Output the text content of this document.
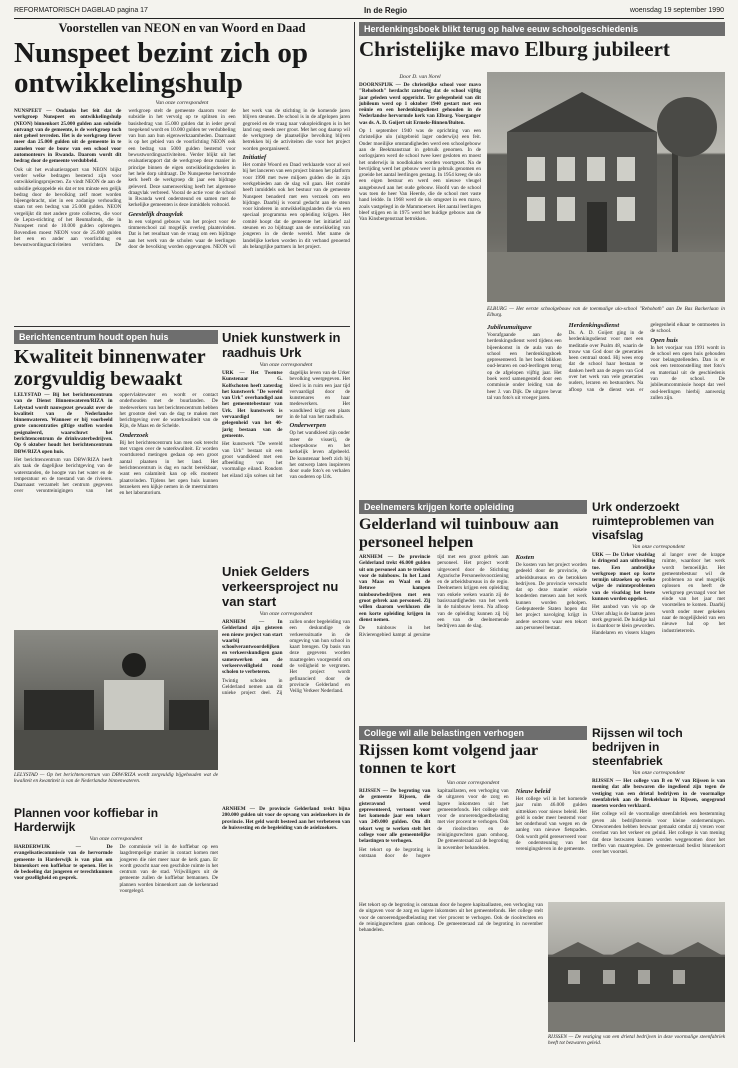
REFORMATORISCH DAGBLAD pagina 17	In de Regio	woensdag 19 september 1990
Voorstellen van NEON en van Woord en Daad
Nunspeet bezint zich op ontwikkelingshulp
Van onze correspondent

NUNSPEET — Ondanks het feit dat de werkgroep Nunspeet en ontwikkelingshulp (NEON) binnenkort 25.000 gulden aan subsidie ontvangt van de gemeente, is de werkgroep toch niet geheel tevreden. Het is de werkgroep liever meer dan 25.000 gulden uit de gemeente in te zamelen voor de bouw van een school voor automonteurs in Rwanda. Daarom wordt dit bedrag door de gemeente verdubbeld.

Ook uit het evaluatierapport van NEON blijkt verder welke bedragen bestemd zijn voor ontwikkelingsprojecten. Zo vindt NEON de aan de subsidie gekoppelde eis dat er ten minste een gelijk bedrag door de bevolking zelf moet worden bijeengebracht, niet in een zodanige verhouding staan tot een bedrag van 25.000 gulden. NEON vergelijkt dit met andere grote collectes, die voor de Lepra-stichting of het Reumafonds, die in Nunspeet rond de 10.000 gulden opbrengen. Bovendien moest NEON voor de 25.000 gulden het een en ander aan voorlichting en bewustwordingsactiviteiten verrichten. De werkgroep stelt de gemeente daarom voor de subsidie in het vervolg op te splitsen in een basisbedrag van 15.000 gulden dat in ieder geval toegekend wordt en 10.000 gulden ter verdubbeling van hun aan hun eigenwerkzaamheden. Daarnaast is op het gebied van de voorlichting NEON ook een bedrag van 5000 gulden bestemd voor bewustwordingsactiviteiten. Verder blijkt uit het evaluatierapport dat de werkgroep deze manier in principe binnen de eigen ontwikkelingsdoelen in het hele dorp uitdraagt. De Nunspeetse hervormde kerk heeft de werkgroep dit jaar een bijdrage geleverd. Deze samenwerking heeft het algemene draagvlak verbreed. Vooral de actie voor de school in Rwanda werd ondersteund en samen met de kerkelijke gemeenten is deze inmiddels voltooid.

Geestelijk draagvlak

In een volgend gebouw van het project voor de timmerschool zal mogelijk overleg plaatsvinden. Dat is het resultaat van de vraag om een bijdrage aan het werk van de scholen waar de leerlingen door de bevolking worden opgevangen. NEON wil het werk van de stichting in de komende jaren blijven steunen. De school is in de afgelopen jaren gegroeid en de vraag naar vakopleidingen is in het land nog steeds zeer groot. Met het oog daarop wil de werkgroep de plaatselijke bevolking blijven betrekken bij de activiteiten die voor het project worden georganiseerd.

Initiatief

Het comité Woord en Daad verklaarde voor al wel bij het lanceren van een project binnen het platform voor 1990 met twee miljoen gulden die in zijn werkgebieden aan de slag wil gaan. Het comité heeft inmiddels ook het bestuur van de gemeente Nunspeet benaderd met een verzoek om een bijdrage. Daarbij is vooral gedacht aan de steun voor kinderen in ontwikkelingslanden die via een speciaal programma een opleiding krijgen. Het comité hoopt dat de gemeente het initiatief zal steunen en zo bijdraagt aan de ontwikkeling van jongeren in de derde wereld. Met name de landelijke kerken worden in dit verband genoemd als belangrijke partners in het project.

Herdenkingsboek blikt terug op halve eeuw schoolgeschiedenis
Christelijke mavo Elburg jubileert
Door D. van Norel

DOORNSPIJK — De christelijke school voor mavo "Rehoboth" herdacht zaterdag dat de school vijftig jaar geleden werd opgericht. Ter gelegenheid van dit jubileum werd op 1 oktober 1940 gestart met een reünie en een herdenkingsdienst gehouden in de Nederlandse hervormde kerk van Elburg. Voorganger was ds. A. D. Goijert uit Ermelo-Binnen/Buiten.

Op 1 september 1940 was de oprichting van een christelijke ulo (uitgebreid lager onderwijs) een feit. Onder moeilijke omstandigheden werd een schoolgebouw aan de Beekmanstraat in gebruik genomen. In de oorlogsjaren werd de school twee keer gesloten en moest het onderwijs in noodlokalen worden voortgezet. Na de bevrijding werd het gebouw weer in gebruik genomen en groeide het aantal leerlingen gestaag. In 1954 kreeg de ulo een eigen bestuur en werd een nieuwe vleugel aangebouwd aan het oude gebouw. Hoofd van de school was toen de heer Van Heerde, die de school met vaste hand leidde. In 1968 werd de ulo omgezet in een mavo, zoals vastgelegd in de Mammoetwet. Het aantal leerlingen bleef stijgen en in 1975 werd het huidige gebouw aan de Van Kinsbergenstraat betrokken.

ELBURG — Het eerste schoolgebouw van de toenmalige ulo-school "Rehoboth" aan De Bas Backerlaan in Elburg.
Jubileumuitgave

Voorafgaande aan de herdenkingsdienst werd tijdens een bijeenkomst in de aula van de school een herdenkingsboek gepresenteerd. In het boek blikken oud-leraren en oud-leerlingen terug op de afgelopen vijftig jaar. Het boek werd samengesteld door een commissie onder leiding van de heer J. van Dijk. De uitgave bevat tal van foto's uit vroeger jaren.

Herdenkingsdienst

Ds. A. D. Goijert ging in de herdenkingsdienst voor met een meditatie over Psalm 48, waarin de trouw van God door de generaties heen centraal stond. Hij wees erop dat de school haar bestaan te danken heeft aan de zegen van God over het werk van vele generaties ouders, leraren en bestuurders. Na afloop van de dienst was er gelegenheid elkaar te ontmoeten in de school.

Open huis

In het voorjaar van 1991 wordt in de school een open huis gehouden voor belangstellenden. Dan is er ook een tentoonstelling met foto's en materiaal uit de geschiedenis van de school. De jubileumcommissie hoopt dat veel oud-leerlingen hierbij aanwezig zullen zijn.

Berichtencentrum houdt open huis
Kwaliteit binnenwater zorgvuldig bewaakt

LELYSTAD — Bij het berichtencentrum van de Dienst Binnenwateren/RIZA in Lelystad wordt nauwgezet gewaakt over de kwaliteit van de Nederlandse binnenwateren. Wanneer er bij voorbeeld grote concentraties giftige stoffen worden gesignaleerd, waarschuwt het berichtencentrum de drinkwaterbedrijven. Op 6 oktober houdt het berichtencentrum DBW/RIZA open huis.

Het berichtencentrum van DBW/RIZA heeft als taak de dagelijkse berichtgeving van de waterstanden, de hoogte van het water en de temperatuur en de toestand van de rivieren. Daarnaast verzamelt het centrum gegevens over verontreinigingen van het oppervlaktewater en wordt er contact onderhouden met de buurlanden. De medewerkers van het berichtencentrum hebben het grootste deel van de dag te maken met berichtgeving over de waterkwaliteit van de Rijn, de Maas en de Schelde.

Onderzoek

Bij het berichtencentrum kan men ook terecht met vragen over de waterkwaliteit. Er worden voortdurend metingen gedaan op een groot aantal plaatsen in het land. Het berichtencentrum is dag en nacht bereikbaar, want een calamiteit kan op elk moment plaatsvinden. Tijdens het open huis kunnen bezoekers een kijkje nemen in de meetruimten en het laboratorium.

LELYSTAD — Op het berichtencentrum van DBW/RIZA wordt zorgvuldig bijgehouden wat de kwaliteit en kwantiteit is van de Nederlandse binnenwateren.
Uniek kunstwerk in raadhuis Urk
Van onze correspondent

URK — Het Twentse Kunstenaar G. Kolfschoten heeft zaterdag het kunstwerk "De wereld van Urk" overhandigd aan het gemeentebestuur van Urk. Het kunstwerk is vervaardigd ter gelegenheid van het 40-jarig bestaan van de gemeente.

Het kunstwerk "De wereld van Urk" bestaat uit een groot wandkleed met een afbeelding van het voormalige eiland. Rondom het eiland zijn scènes uit het dagelijks leven van de Urker bevolking weergegeven. Het kleed is in ruim een jaar tijd vervaardigd door de kunstenares en haar medewerkers. Het wandkleed krijgt een plaats in de hal van het raadhuis.

Onderwerpen

Op het wandkleed zijn onder meer de visserij, de scheepsbouw en het kerkelijk leven afgebeeld. De kunstenaar heeft zich bij het ontwerp laten inspireren door oude foto's en verhalen van ouderen op Urk.

Uniek Gelders verkeersproject nu van start
Van onze correspondent

ARNHEM — In Gelderland zijn gisteren een nieuw project van start waarbij schoolverantwoordelijken en verkeerskundigen gaan samenwerken om de verkeersveiligheid rond scholen te verbeteren.

Twintig scholen in Gelderland nemen aan dit unieke project deel. Zij zullen onder begeleiding van een deskundige de verkeerssituatie in de omgeving van hun school in kaart brengen. Op basis van deze gegevens worden maatregelen voorgesteld om de veiligheid te vergroten. Het project wordt gefinancierd door de provincie Gelderland en Veilig Verkeer Nederland.

Deelnemers krijgen korte opleiding
Gelderland wil tuinbouw aan personeel helpen

ARNHEM — De provincie Gelderland trekt 46.000 gulden uit om personeel aan te trekken voor de tuinbouw. In het Land van Maas en Waal en de Betuwe kampen tuinbouwbedrijven met een groot gebrek aan personeel. Zij willen daarom werklozen die een korte opleiding krijgen in dienst nemen.

De tuinbouw in het Rivierengebied kampt al geruime tijd met een groot gebrek aan personeel. Het project wordt uitgevoerd door de Stichting Agrarische Personeelsvoorziening en de arbeidsbureaus in de regio. Deelnemers krijgen een opleiding van enkele weken waarin zij de basisvaardigheden van het werk in de tuinbouw leren. Na afloop van de opleiding kunnen zij bij een van de deelnemende bedrijven aan de slag.

Kosten

De kosten van het project worden gedeeld door de provincie, de arbeidsbureaus en de betrokken bedrijven. De provincie verwacht dat op deze manier enkele honderden mensen aan het werk kunnen worden geholpen. Gedeputeerde Staten hopen dat het project navolging krijgt in andere sectoren waar een tekort aan personeel bestaat.

Urk onderzoekt ruimteproblemen van visafslag
Van onze correspondent

URK — De Urker visafslag is dringend aan uitbreiding toe. Een ambtelijke werkgroep moet op korte termijn uitzoeken op welke wijze de ruimteproblemen van de visafslag het beste kunnen worden opgelost.

Het aanbod van vis op de Urker afslag is de laatste jaren sterk gegroeid. De huidige hal is daardoor te klein geworden. Handelaren en vissers klagen al langer over de krappe ruimte, waardoor het werk wordt bemoeilijkt. Het gemeentebestuur wil de problemen zo snel mogelijk oplossen en heeft de werkgroep gevraagd voor het einde van het jaar met voorstellen te komen. Daarbij wordt onder meer gekeken naar de mogelijkheid van een nieuwe hal op het industrieterrein.

College wil alle belastingen verhogen
Rijssen komt volgend jaar tonnen te kort
Van onze correspondent

RIJSSEN — De begroting van de gemeente Rijssen, die gisteravond werd gepresenteerd, vertoont voor het komende jaar een tekort van 249.000 gulden. Om dit tekort weg te werken stelt het college voor alle gemeentelijke belastingen te verhogen.

Het tekort op de begroting is ontstaan door de hogere kapitaallasten, een verhoging van de uitgaven voor de zorg en lagere inkomsten uit het gemeentefonds. Het college stelt voor de onroerendgoedbelasting met vier procent te verhogen. Ook de rioolrechten en de reinigingsrechten gaan omhoog. De gemeenteraad zal de begroting in november behandelen.

Nieuw beleid

Het college wil in het komende jaar ruim 46.000 gulden uittrekken voor nieuw beleid. Het geld is onder meer bestemd voor het onderhoud van wegen en de aanleg van nieuwe fietspaden. Ook wordt geld gereserveerd voor de ondersteuning van het verenigingsleven in de gemeente.

Rijssen wil toch bedrijven in steenfabriek
Van onze correspondent

RIJSSEN — Het college van B en W van Rijssen is van mening dat alle bezwaren die ingediend zijn tegen de vestiging van een drietal bedrijven in de voormalige steenfabriek aan de Brekelshaar in Rijssen, ongegrond moeten worden verklaard.

Het college wil de voormalige steenfabriek een bestemming geven als bedrijfsterrein voor kleine ondernemingen. Omwonenden hebben bezwaar gemaakt omdat zij vrezen voor overlast van het verkeer en geluid. Het college is van mening dat deze bezwaren kunnen worden weggenomen door het treffen van maatregelen. De gemeenteraad beslist binnenkort over het voorstel.

RIJSSEN — De vestiging van een drietal bedrijven in deze voormalige steenfabriek heeft tot bezwaren geleid.
Plannen voor koffiebar in Harderwijk
Van onze correspondent

HARDERWIJK — De evangelisatiecommissie van de hervormde gemeente in Harderwijk is van plan om binnenkort een koffiebar te openen. Het is de bedoeling dat jongeren er terechtkunnen voor gezelligheid en gesprek.

De commissie wil in de koffiebar op een laagdrempelige manier in contact komen met jongeren die niet meer naar de kerk gaan. Er wordt gezocht naar een geschikte ruimte in het centrum van de stad. Vrijwilligers uit de gemeente zullen de koffiebar bemannen. De plannen worden binnenkort aan de kerkenraad voorgelegd.

ARNHEM — De provincie Gelderland trekt bijna 200.000 gulden uit voor de opvang van asielzoekers in de provincie. Het geld wordt besteed aan het verbeteren van de huisvesting en de begeleiding van de asielzoekers.

Het tekort op de begroting is ontstaan door de hogere kapitaallasten, een verhoging van de uitgaven voor de zorg en lagere inkomsten uit het gemeentefonds. Het college stelt voor de onroerendgoedbelasting met vier procent te verhogen. Ook de rioolrechten en de reinigingsrechten gaan omhoog. De gemeenteraad zal de begroting in november behandelen.
